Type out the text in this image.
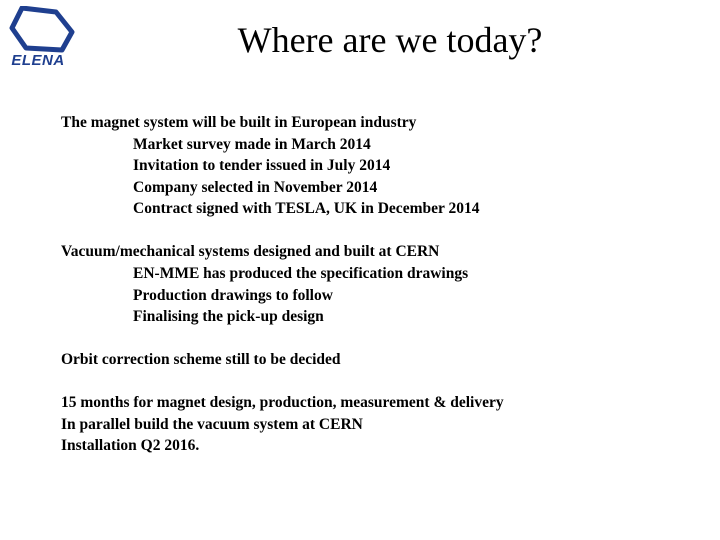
ELENA
Where are we today?
The magnet system will be built in European industry
Market survey made in March 2014
Invitation to tender issued in July 2014
Company selected in November 2014
Contract signed with TESLA, UK in December 2014
Vacuum/mechanical systems designed and built at CERN
EN-MME has produced the specification drawings
Production drawings to follow
Finalising the pick-up design
Orbit correction scheme still to be decided
15 months for magnet design, production, measurement & delivery
In parallel build the vacuum system at CERN
Installation Q2 2016.
